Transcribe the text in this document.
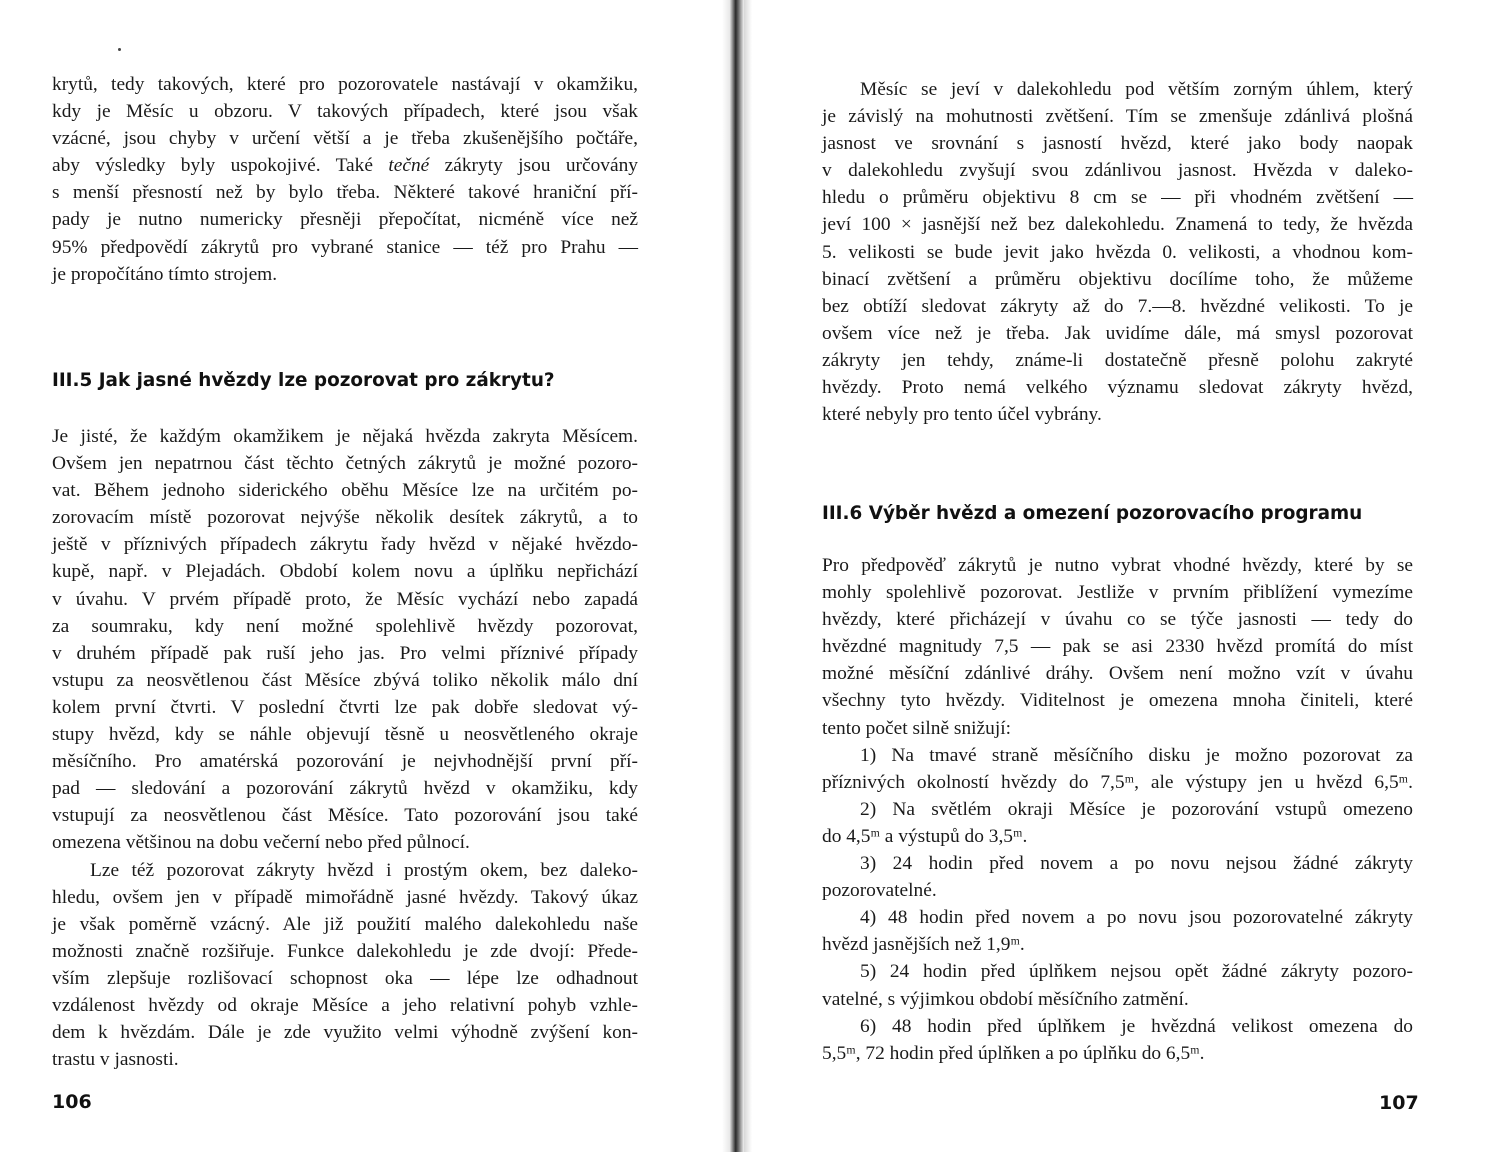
krytů, tedy takových, které pro pozorovatele nastávají v okamžiku,
kdy je Měsíc u obzoru. V takových případech, které jsou však
vzácné, jsou chyby v určení větší a je třeba zkušenějšího počtáře,
aby výsledky byly uspokojivé. Také tečné zákryty jsou určovány
s menší přesností než by bylo třeba. Některé takové hraniční pří-
pady je nutno numericky přesněji přepočítat, nicméně více než
95% předpovědí zákrytů pro vybrané stanice — též pro Prahu —
je propočítáno tímto strojem.
III.5 Jak jasné hvězdy lze pozorovat pro zákrytu?
Je jisté, že každým okamžikem je nějaká hvězda zakryta Měsícem.
Ovšem jen nepatrnou část těchto četných zákrytů je možné pozoro-
vat. Během jednoho siderického oběhu Měsíce lze na určitém po-
zorovacím místě pozorovat nejvýše několik desítek zákrytů, a to
ještě v příznivých případech zákrytu řady hvězd v nějaké hvězdo-
kupě, např. v Plejadách. Období kolem novu a úplňku nepřichází
v úvahu. V prvém případě proto, že Měsíc vychází nebo zapadá
za soumraku, kdy není možné spolehlivě hvězdy pozorovat,
v druhém případě pak ruší jeho jas. Pro velmi příznivé případy
vstupu za neosvětlenou část Měsíce zbývá toliko několik málo dní
kolem první čtvrti. V poslední čtvrti lze pak dobře sledovat vý-
stupy hvězd, kdy se náhle objevují těsně u neosvětleného okraje
měsíčního. Pro amatérská pozorování je nejvhodnější první pří-
pad — sledování a pozorování zákrytů hvězd v okamžiku, kdy
vstupují za neosvětlenou část Měsíce. Tato pozorování jsou také
omezena většinou na dobu večerní nebo před půlnocí.
Lze též pozorovat zákryty hvězd i prostým okem, bez daleko-
hledu, ovšem jen v případě mimořádně jasné hvězdy. Takový úkaz
je však poměrně vzácný. Ale již použití malého dalekohledu naše
možnosti značně rozšiřuje. Funkce dalekohledu je zde dvojí: Přede-
vším zlepšuje rozlišovací schopnost oka — lépe lze odhadnout
vzdálenost hvězdy od okraje Měsíce a jeho relativní pohyb vzhle-
dem k hvězdám. Dále je zde využito velmi výhodně zvýšení kon-
trastu v jasnosti.
106
Měsíc se jeví v dalekohledu pod větším zorným úhlem, který
je závislý na mohutnosti zvětšení. Tím se zmenšuje zdánlivá plošná
jasnost ve srovnání s jasností hvězd, které jako body naopak
v dalekohledu zvyšují svou zdánlivou jasnost. Hvězda v daleko-
hledu o průměru objektivu 8 cm se — při vhodném zvětšení —
jeví 100 × jasnější než bez dalekohledu. Znamená to tedy, že hvězda
5. velikosti se bude jevit jako hvězda 0. velikosti, a vhodnou kom-
binací zvětšení a průměru objektivu docílíme toho, že můžeme
bez obtíží sledovat zákryty až do 7.—8. hvězdné velikosti. To je
ovšem více než je třeba. Jak uvidíme dále, má smysl pozorovat
zákryty jen tehdy, známe-li dostatečně přesně polohu zakryté
hvězdy. Proto nemá velkého významu sledovat zákryty hvězd,
které nebyly pro tento účel vybrány.
III.6 Výběr hvězd a omezení pozorovacího programu
Pro předpověď zákrytů je nutno vybrat vhodné hvězdy, které by se
mohly spolehlivě pozorovat. Jestliže v prvním přiblížení vymezíme
hvězdy, které přicházejí v úvahu co se týče jasnosti — tedy do
hvězdné magnitudy 7,5 — pak se asi 2330 hvězd promítá do míst
možné měsíční zdánlivé dráhy. Ovšem není možno vzít v úvahu
všechny tyto hvězdy. Viditelnost je omezena mnoha činiteli, které
tento počet silně snižují:
1) Na tmavé straně měsíčního disku je možno pozorovat za
příznivých okolností hvězdy do 7,5ᵐ, ale výstupy jen u hvězd 6,5ᵐ.
2) Na světlém okraji Měsíce je pozorování vstupů omezeno
do 4,5ᵐ a výstupů do 3,5ᵐ.
3) 24 hodin před novem a po novu nejsou žádné zákryty
pozorovatelné.
4) 48 hodin před novem a po novu jsou pozorovatelné zákryty
hvězd jasnějších než 1,9ᵐ.
5) 24 hodin před úplňkem nejsou opět žádné zákryty pozoro-
vatelné, s výjimkou období měsíčního zatmění.
6) 48 hodin před úplňkem je hvězdná velikost omezena do
5,5ᵐ, 72 hodin před úplňken a po úplňku do 6,5ᵐ.
107
